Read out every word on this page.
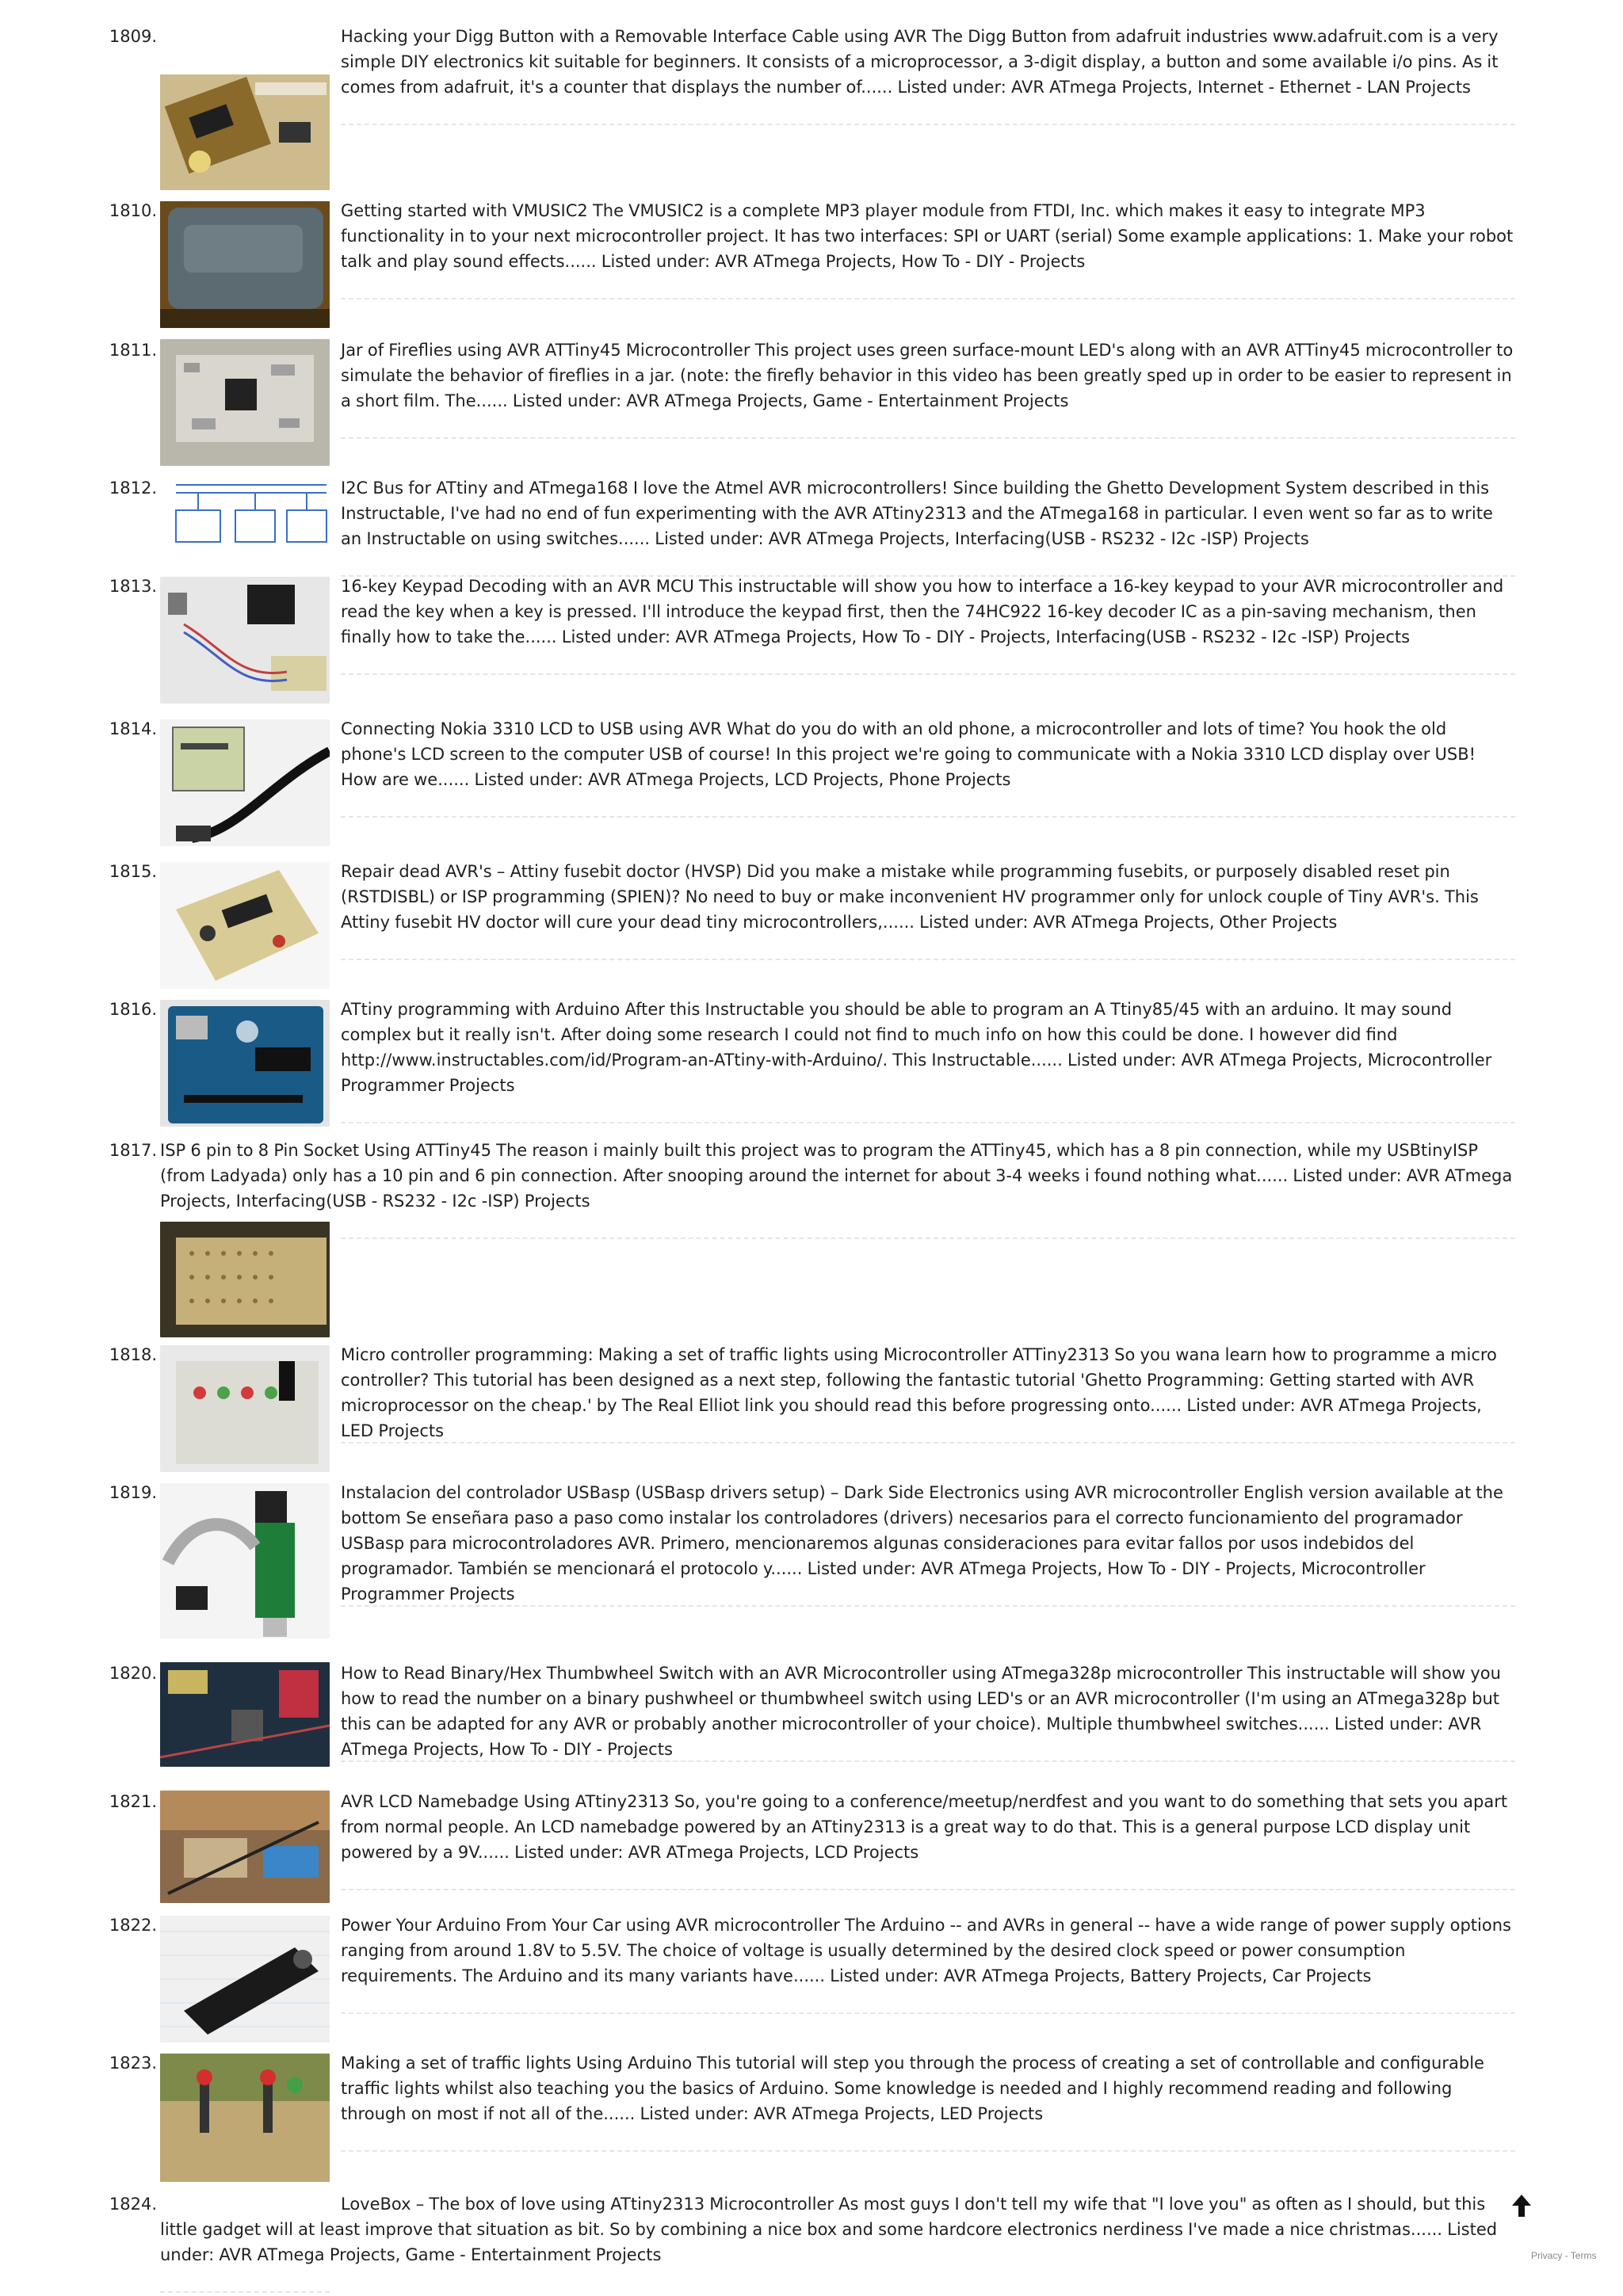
1809.	Hacking your Digg Button with a Removable Interface Cable using AVR The Digg Button from adafruit industries www.adafruit.com is a very simple DIY electronics kit suitable for beginners. It consists of a microprocessor, a 3-digit display, a button and some available i/o pins. As it comes from adafruit, it's a counter that displays the number of...... Listed under: AVR ATmega Projects, Internet - Ethernet - LAN Projects
1810.	Getting started with VMUSIC2 The VMUSIC2 is a complete MP3 player module from FTDI, Inc. which makes it easy to integrate MP3 functionality in to your next microcontroller project. It has two interfaces: SPI or UART (serial) Some example applications: 1. Make your robot talk and play sound effects...... Listed under: AVR ATmega Projects, How To - DIY - Projects
1811.	Jar of Fireflies using AVR ATTiny45 Microcontroller This project uses green surface-mount LED's along with an AVR ATTiny45 microcontroller to simulate the behavior of fireflies in a jar. (note: the firefly behavior in this video has been greatly sped up in order to be easier to represent in a short film. The...... Listed under: AVR ATmega Projects, Game - Entertainment Projects
1812.	I2C Bus for ATtiny and ATmega168 I love the Atmel AVR microcontrollers! Since building the Ghetto Development System described in this Instructable, I've had no end of fun experimenting with the AVR ATtiny2313 and the ATmega168 in particular. I even went so far as to write an Instructable on using switches...... Listed under: AVR ATmega Projects, Interfacing(USB - RS232 - I2c -ISP) Projects
1813.	16-key Keypad Decoding with an AVR MCU This instructable will show you how to interface a 16-key keypad to your AVR microcontroller and read the key when a key is pressed. I'll introduce the keypad first, then the 74HC922 16-key decoder IC as a pin-saving mechanism, then finally how to take the...... Listed under: AVR ATmega Projects, How To - DIY - Projects, Interfacing(USB - RS232 - I2c -ISP) Projects
1814.	Connecting Nokia 3310 LCD to USB using AVR What do you do with an old phone, a microcontroller and lots of time? You hook the old phone's LCD screen to the computer USB of course! In this project we're going to communicate with a Nokia 3310 LCD display over USB! How are we...... Listed under: AVR ATmega Projects, LCD Projects, Phone Projects
1815.	Repair dead AVR's – Attiny fusebit doctor (HVSP) Did you make a mistake while programming fusebits, or purposely disabled reset pin (RSTDISBL) or ISP programming (SPIEN)? No need to buy or make inconvenient HV programmer only for unlock couple of Tiny AVR's. This Attiny fusebit HV doctor will cure your dead tiny microcontrollers,...... Listed under: AVR ATmega Projects, Other Projects
1816.	ATtiny programming with Arduino After this Instructable you should be able to program an A Ttiny85/45 with an arduino. It may sound complex but it really isn't. After doing some research I could not find to much info on how this could be done. I however did find http://www.instructables.com/id/Program-an-ATtiny-with-Arduino/. This Instructable...... Listed under: AVR ATmega Projects, Microcontroller Programmer Projects
1817. ISP 6 pin to 8 Pin Socket Using ATTiny45 The reason i mainly built this project was to program the ATTiny45, which has a 8 pin connection, while my USBtinyISP (from Ladyada) only has a 10 pin and 6 pin connection. After snooping around the internet for about 3-4 weeks i found nothing what...... Listed under: AVR ATmega Projects, Interfacing(USB - RS232 - I2c -ISP) Projects
1818.	Micro controller programming: Making a set of traffic lights using Microcontroller ATTiny2313 So you wana learn how to programme a micro controller? This tutorial has been designed as a next step, following the fantastic tutorial 'Ghetto Programming: Getting started with AVR microprocessor on the cheap.' by The Real Elliot link you should read this before progressing onto...... Listed under: AVR ATmega Projects, LED Projects
1819.	Instalacion del controlador USBasp (USBasp drivers setup) – Dark Side Electronics using AVR microcontroller English version available at the bottom Se enseñara paso a paso como instalar los controladores (drivers) necesarios para el correcto funcionamiento del programador USBasp para microcontroladores AVR. Primero, mencionaremos algunas consideraciones para evitar fallos por usos indebidos del programador. También se mencionará el protocolo y...... Listed under: AVR ATmega Projects, How To - DIY - Projects, Microcontroller Programmer Projects
1820.	How to Read Binary/Hex Thumbwheel Switch with an AVR Microcontroller using ATmega328p microcontroller This instructable will show you how to read the number on a binary pushwheel or thumbwheel switch using LED's or an AVR microcontroller (I'm using an ATmega328p but this can be adapted for any AVR or probably another microcontroller of your choice). Multiple thumbwheel switches...... Listed under: AVR ATmega Projects, How To - DIY - Projects
1821.	AVR LCD Namebadge Using ATtiny2313 So, you're going to a conference/meetup/nerdfest and you want to do something that sets you apart from normal people. An LCD namebadge powered by an ATtiny2313 is a great way to do that. This is a general purpose LCD display unit powered by a 9V...... Listed under: AVR ATmega Projects, LCD Projects
1822.	Power Your Arduino From Your Car using AVR microcontroller The Arduino -- and AVRs in general -- have a wide range of power supply options ranging from around 1.8V to 5.5V. The choice of voltage is usually determined by the desired clock speed or power consumption requirements. The Arduino and its many variants have...... Listed under: AVR ATmega Projects, Battery Projects, Car Projects
1823.	Making a set of traffic lights Using Arduino This tutorial will step you through the process of creating a set of controllable and configurable traffic lights whilst also teaching you the basics of Arduino. Some knowledge is needed and I highly recommend reading and following through on most if not all of the...... Listed under: AVR ATmega Projects, LED Projects
1824.	LoveBox – The box of love using ATtiny2313 Microcontroller As most guys I don't tell my wife that "I love you" as often as I should, but this little gadget will at least improve that situation as bit. So by combining a nice box and some hardcore electronics nerdiness I've made a nice christmas...... Listed under: AVR ATmega Projects, Game - Entertainment Projects	Privacy - Terms
